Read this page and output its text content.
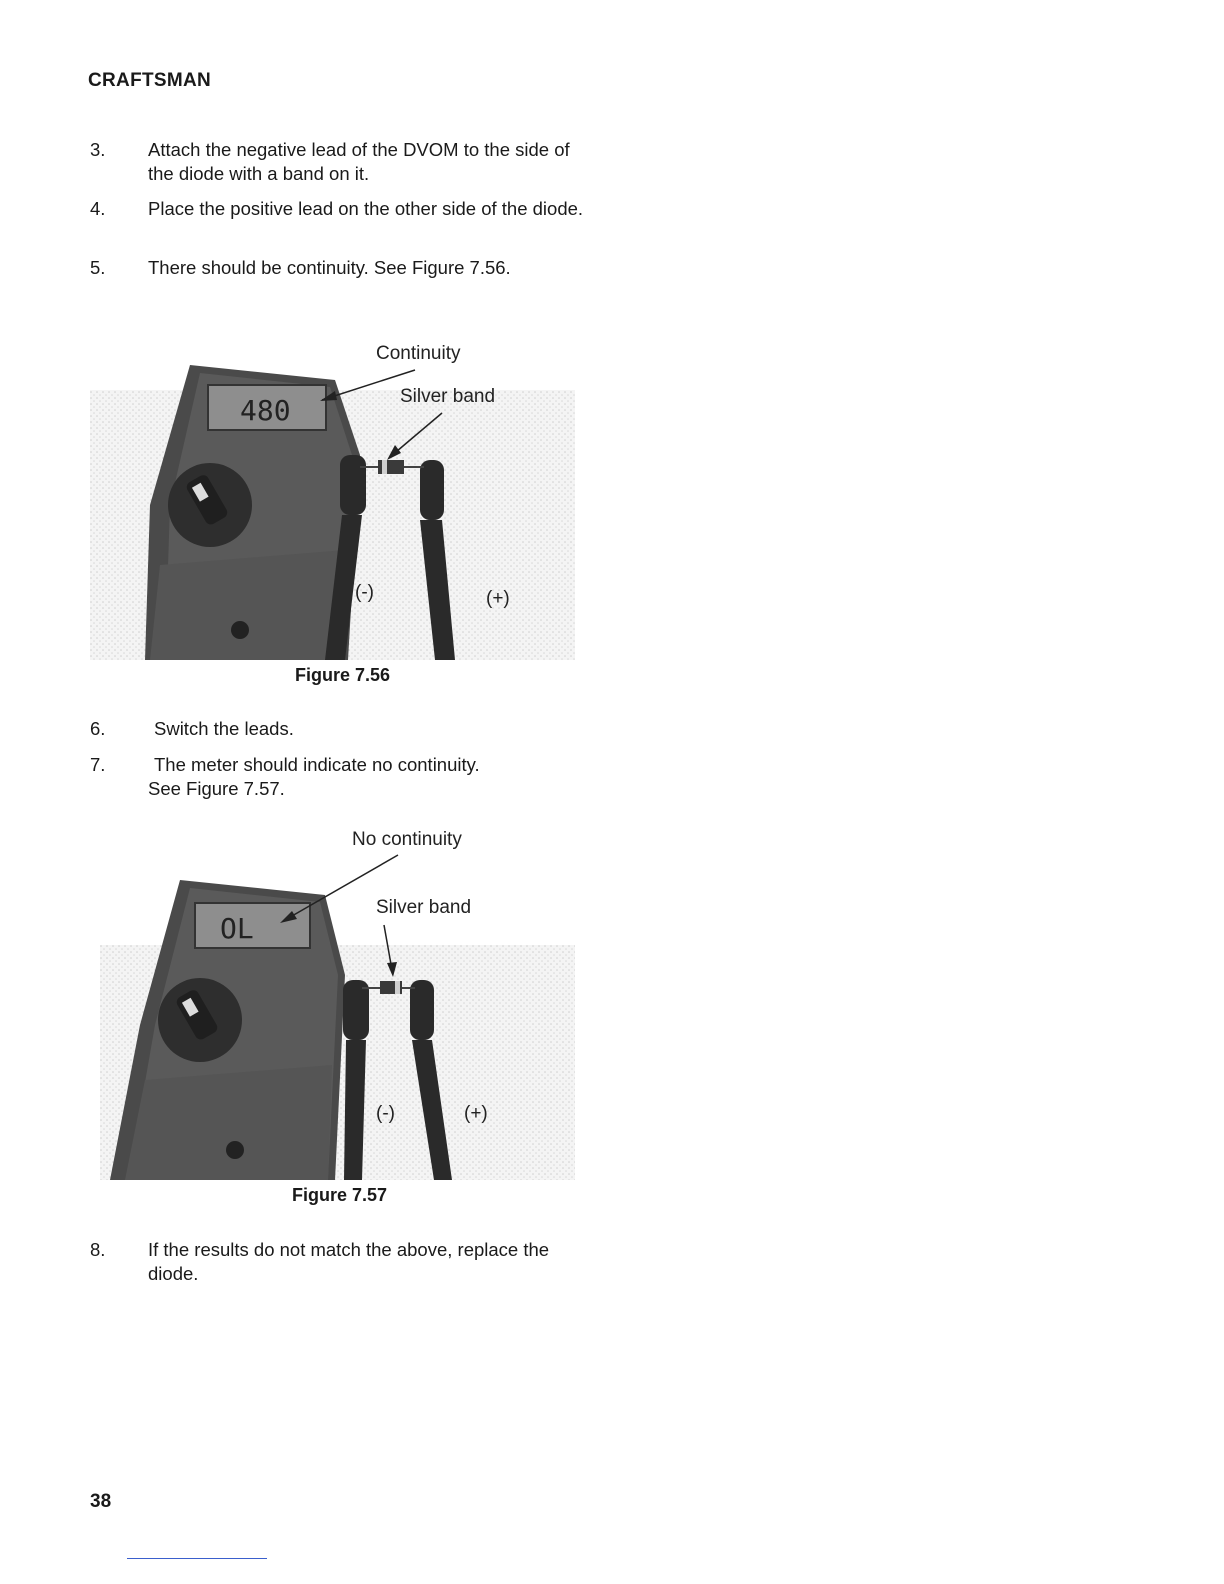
CRAFTSMAN
3. Attach the negative lead of the DVOM to the side of the diode with a band on it.
4. Place the positive lead on the other side of the diode.
5. There should be continuity. See Figure 7.56.
480
Continuity
Silver band
(-)	(+)
Figure 7.56
6.	Switch the leads.
7.	The meter should indicate no continuity.
See Figure 7.57.
OL
No continuity
Silver band
(-)	(+)
Figure 7.57
8. If the results do not match the above, replace the diode.
38
